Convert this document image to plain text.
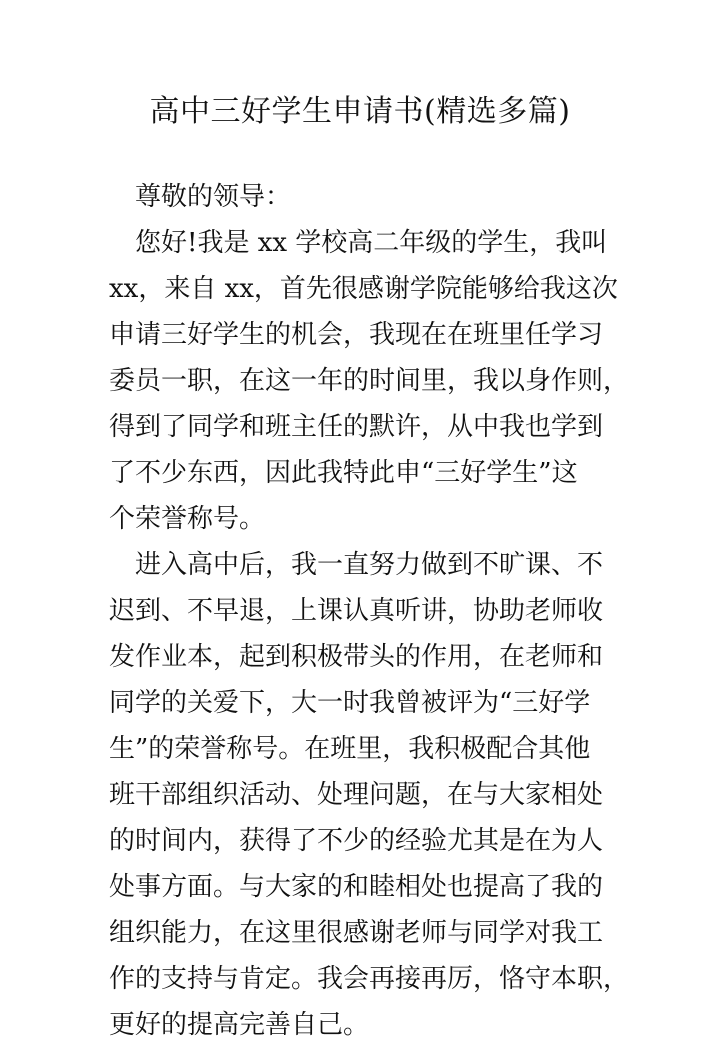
高中三好学生申请书(精选多篇)
尊敬的领导：
您好!我是 xx 学校高二年级的学生，我叫
xx，来自 xx，首先很感谢学院能够给我这次
申请三好学生的机会，我现在在班里任学习
委员一职，在这一年的时间里，我以身作则，
得到了同学和班主任的默许，从中我也学到
了不少东西，因此我特此申“三好学生”这
个荣誉称号。
进入高中后，我一直努力做到不旷课、不
迟到、不早退，上课认真听讲，协助老师收
发作业本，起到积极带头的作用，在老师和
同学的关爱下，大一时我曾被评为“三好学
生”的荣誉称号。在班里，我积极配合其他
班干部组织活动、处理问题，在与大家相处
的时间内，获得了不少的经验尤其是在为人
处事方面。与大家的和睦相处也提高了我的
组织能力，在这里很感谢老师与同学对我工
作的支持与肯定。我会再接再厉，恪守本职，
更好的提高完善自己。
